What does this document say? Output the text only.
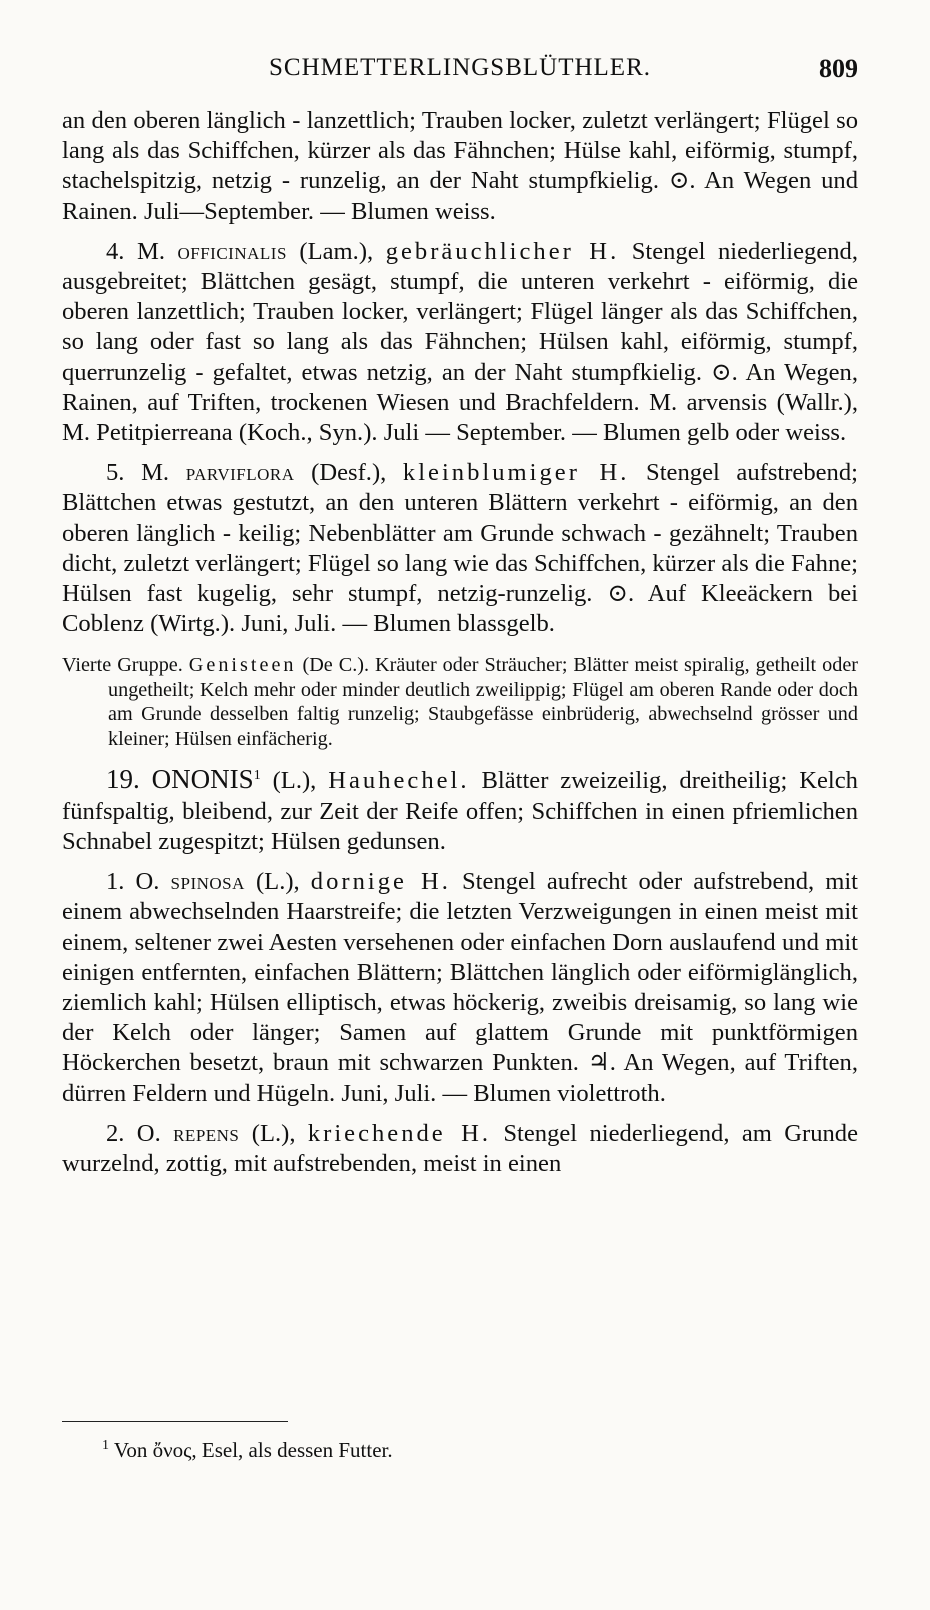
SCHMETTERLINGSBLÜTHLER.	809

an den oberen länglich - lanzettlich; Trauben locker, zuletzt verlängert; Flügel so lang als das Schiffchen, kürzer als das Fähnchen; Hülse kahl, eiförmig, stumpf, stachelspitzig, netzig - runzelig, an der Naht stumpfkielig. ⊙. An Wegen und Rainen. Juli—September. — Blumen weiss.

4. M. officinalis (Lam.), gebräuchlicher H. Stengel niederliegend, ausgebreitet; Blättchen gesägt, stumpf, die unteren verkehrt - eiförmig, die oberen lanzettlich; Trauben locker, verlängert; Flügel länger als das Schiffchen, so lang oder fast so lang als das Fähnchen; Hülsen kahl, eiförmig, stumpf, querrunzelig - gefaltet, etwas netzig, an der Naht stumpfkielig. ⊙. An Wegen, Rainen, auf Triften, trockenen Wiesen und Brachfeldern. M. arvensis (Wallr.), M. Petitpierreana (Koch., Syn.). Juli — September. — Blumen gelb oder weiss.

5. M. parviflora (Desf.), kleinblumiger H. Stengel aufstrebend; Blättchen etwas gestutzt, an den unteren Blättern verkehrt - eiförmig, an den oberen länglich - keilig; Nebenblätter am Grunde schwach - gezähnelt; Trauben dicht, zuletzt verlängert; Flügel so lang wie das Schiffchen, kürzer als die Fahne; Hülsen fast kugelig, sehr stumpf, netzig-runzelig. ⊙. Auf Kleeäckern bei Coblenz (Wirtg.). Juni, Juli. — Blumen blassgelb.

Vierte Gruppe. Genisteen (De C.). Kräuter oder Sträucher; Blätter meist spiralig, getheilt oder ungetheilt; Kelch mehr oder minder deutlich zweilippig; Flügel am oberen Rande oder doch am Grunde desselben faltig runzelig; Staubgefässe einbrüderig, abwechselnd grösser und kleiner; Hülsen einfächerig.

19. ONONIS$^1$ (L.), Hauhechel. Blätter zweizeilig, dreitheilig; Kelch fünfspaltig, bleibend, zur Zeit der Reife offen; Schiffchen in einen pfriemlichen Schnabel zugespitzt; Hülsen gedunsen.

1. O. spinosa (L.), dornige H. Stengel aufrecht oder aufstrebend, mit einem abwechselnden Haarstreife; die letzten Verzweigungen in einen meist mit einem, seltener zwei Aesten versehenen oder einfachen Dorn auslaufend und mit einigen entfernten, einfachen Blättern; Blättchen länglich oder eiförmiglänglich, ziemlich kahl; Hülsen elliptisch, etwas höckerig, zweibis dreisamig, so lang wie der Kelch oder länger; Samen auf glattem Grunde mit punktförmigen Höckerchen besetzt, braun mit schwarzen Punkten. ♃. An Wegen, auf Triften, dürren Feldern und Hügeln. Juni, Juli. — Blumen violettroth.

2. O. repens (L.), kriechende H. Stengel niederliegend, am Grunde wurzelnd, zottig, mit aufstrebenden, meist in einen

$^1$ Von ὄνος, Esel, als dessen Futter.
